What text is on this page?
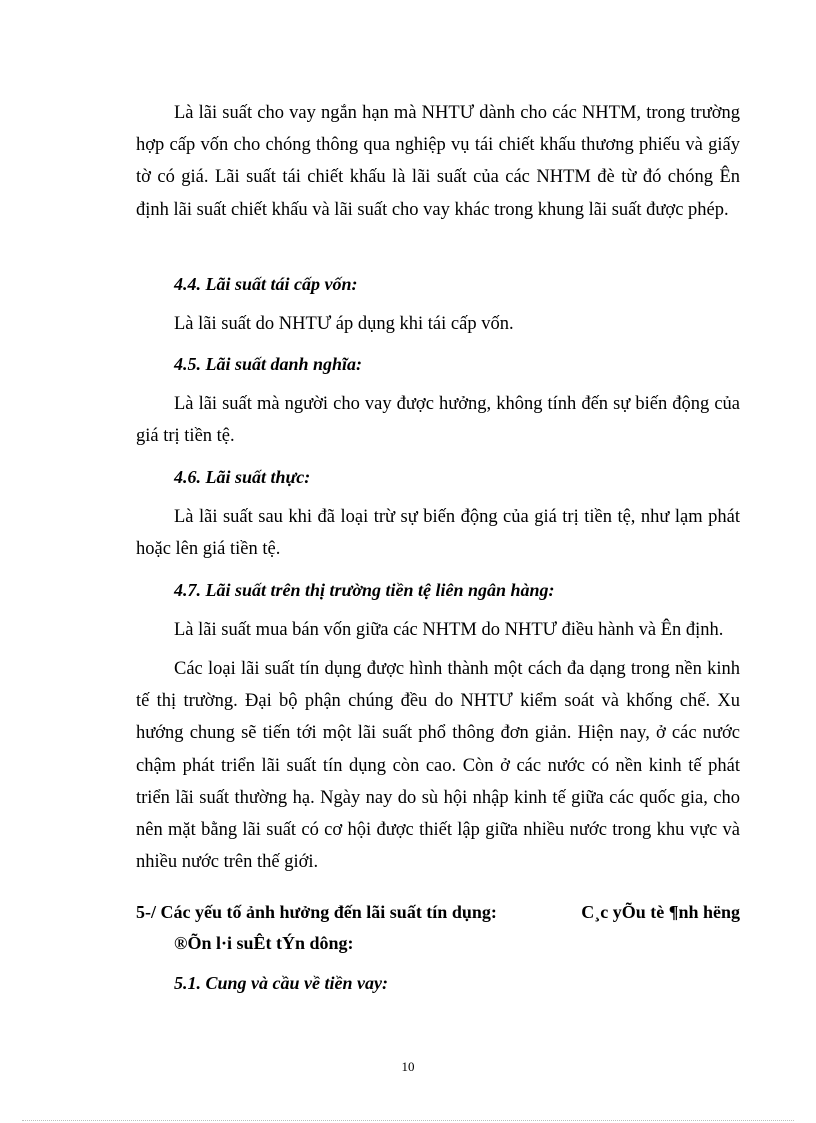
Là lãi suất cho vay ngắn hạn mà NHTƯ dành cho các NHTM, trong trường hợp cấp vốn cho chóng thông qua nghiệp vụ tái chiết khấu thương phiếu và giấy tờ có giá. Lãi suất tái chiết khấu là lãi suất của các NHTM đè từ đó chóng Ên định lãi suất chiết khấu và lãi suất cho vay khác trong khung lãi suất được phép.

4.4. Lãi suất tái cấp vốn:

Là lãi suất do NHTƯ áp dụng khi tái cấp vốn.

4.5. Lãi suất danh nghĩa:

Là lãi suất mà người cho vay được hưởng, không tính đến sự biến động của giá trị tiền tệ.

4.6. Lãi suất thực:

Là lãi suất sau khi đã loại trừ sự biến động của giá trị tiền tệ, như lạm phát hoặc lên giá tiền tệ.

4.7. Lãi suất trên thị trường tiền tệ liên ngân hàng:

Là lãi suất mua bán vốn giữa các NHTM do NHTƯ điều hành và Ên định.

Các loại lãi suất tín dụng được hình thành một cách đa dạng trong nền kinh tế thị trường. Đại bộ phận chúng đều do NHTƯ kiểm soát và khống chế. Xu hướng chung sẽ tiến tới một lãi suất phổ thông đơn giản. Hiện nay, ở các nước chậm phát triển lãi suất tín dụng còn cao. Còn ở các nước có nền kinh tế phát triển lãi suất thường hạ. Ngày nay do sù hội nhập kinh tế giữa các quốc gia, cho nên mặt bằng lãi suất có cơ hội được thiết lập giữa nhiều nước trong khu vực và nhiều nước trên thế giới.

5-/ Các yếu tố ảnh hưởng đến lãi suất tín dụng:	C¸c yÕu tè ¶nh hëng
®Õn l·i suÊt tÝn dông:

5.1. Cung và cầu về tiền vay:

10
